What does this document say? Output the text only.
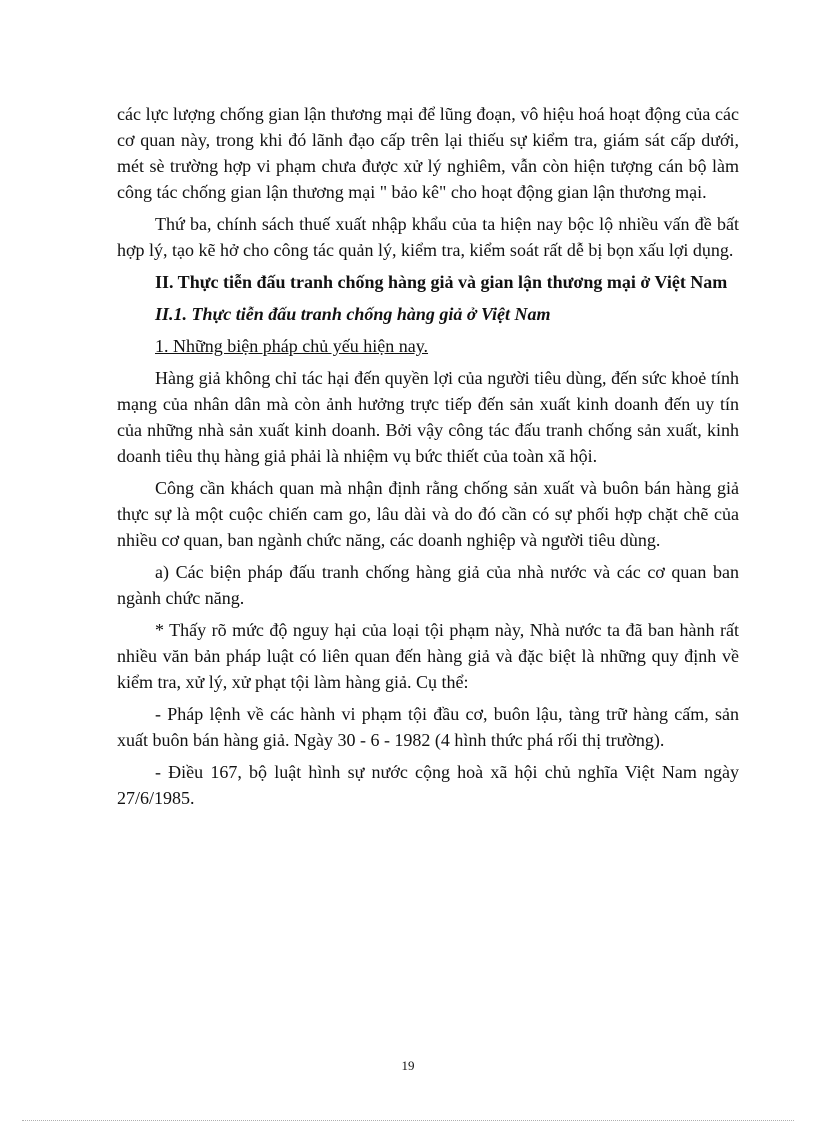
các lực lượng chống gian lận thương mại để lũng đoạn, vô hiệu hoá hoạt động của các cơ quan này, trong khi đó lãnh đạo cấp trên lại thiếu sự kiểm tra, giám sát cấp dưới, mét sè trường hợp vi phạm chưa được xử lý nghiêm, vẫn còn hiện tượng cán bộ làm công tác chống gian lận thương mại " bảo kê" cho hoạt động gian lận thương mại.

Thứ ba, chính sách thuế xuất nhập khẩu của ta hiện nay bộc lộ nhiều vấn đề bất hợp lý, tạo kẽ hở cho công tác quản lý, kiểm tra, kiểm soát rất dễ bị bọn xấu lợi dụng.

II. Thực tiễn đấu tranh chống hàng giả và gian lận thương mại ở Việt Nam

II.1. Thực tiễn đấu tranh chống hàng giả ở Việt Nam

1. Những biện pháp chủ yếu hiện nay.

Hàng giả không chỉ tác hại đến quyền lợi của người tiêu dùng, đến sức khoẻ tính mạng của nhân dân mà còn ảnh hưởng trực tiếp đến sản xuất kinh doanh đến uy tín của những nhà sản xuất kinh doanh. Bởi vậy công tác đấu tranh chống sản xuất, kinh doanh tiêu thụ hàng giả phải là nhiệm vụ bức thiết của toàn xã hội.

Công cần khách quan mà nhận định rằng chống sản xuất và buôn bán hàng giả thực sự là một cuộc chiến cam go, lâu dài và do đó cần có sự phối hợp chặt chẽ của nhiều cơ quan, ban ngành chức năng, các doanh nghiệp và người tiêu dùng.

a) Các biện pháp đấu tranh chống hàng giả của nhà nước và các cơ quan ban ngành chức năng.

* Thấy rõ mức độ nguy hại của loại tội phạm này, Nhà nước ta đã ban hành rất nhiều văn bản pháp luật có liên quan đến hàng giả và đặc biệt là những quy định về kiểm tra, xử lý, xử phạt tội làm hàng giả. Cụ thể:

- Pháp lệnh về các hành vi phạm tội đầu cơ, buôn lậu, tàng trữ hàng cấm, sản xuất buôn bán hàng giả. Ngày 30 - 6 - 1982 (4 hình thức phá rối thị trường).

- Điều 167, bộ luật hình sự nước cộng hoà xã hội chủ nghĩa Việt Nam ngày 27/6/1985.

19
